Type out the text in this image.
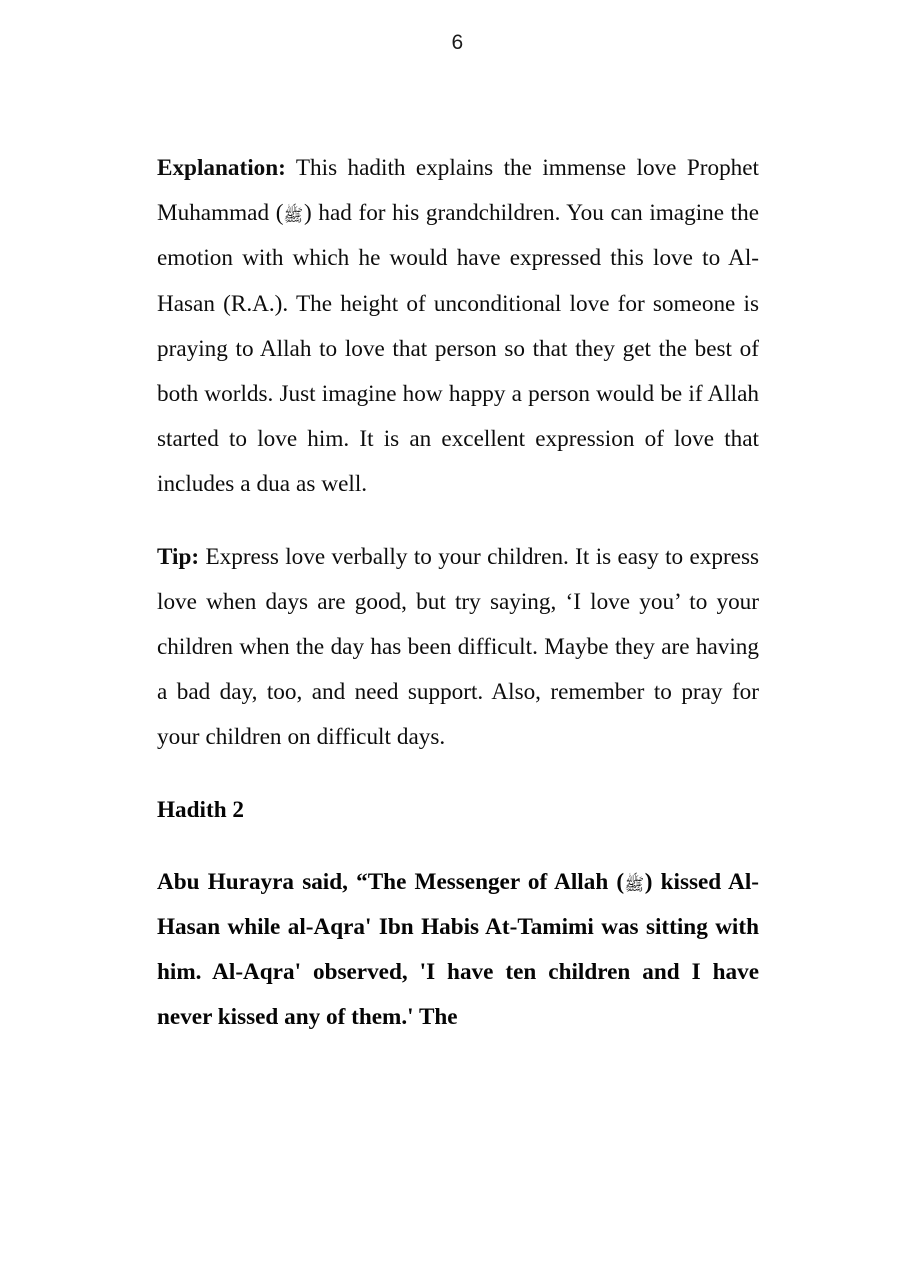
6

Explanation: This hadith explains the immense love Prophet Muhammad (ﷺ) had for his grandchildren. You can imagine the emotion with which he would have expressed this love to Al-Hasan (R.A.). The height of unconditional love for someone is praying to Allah to love that person so that they get the best of both worlds. Just imagine how happy a person would be if Allah started to love him. It is an excellent expression of love that includes a dua as well.

Tip: Express love verbally to your children. It is easy to express love when days are good, but try saying, ‘I love you’ to your children when the day has been difficult. Maybe they are having a bad day, too, and need support. Also, remember to pray for your children on difficult days.

Hadith 2

Abu Hurayra said, “The Messenger of Allah (ﷺ) kissed Al-Hasan while al-Aqra' Ibn Habis At-Tamimi was sitting with him. Al-Aqra' observed, 'I have ten children and I have never kissed any of them.' The
